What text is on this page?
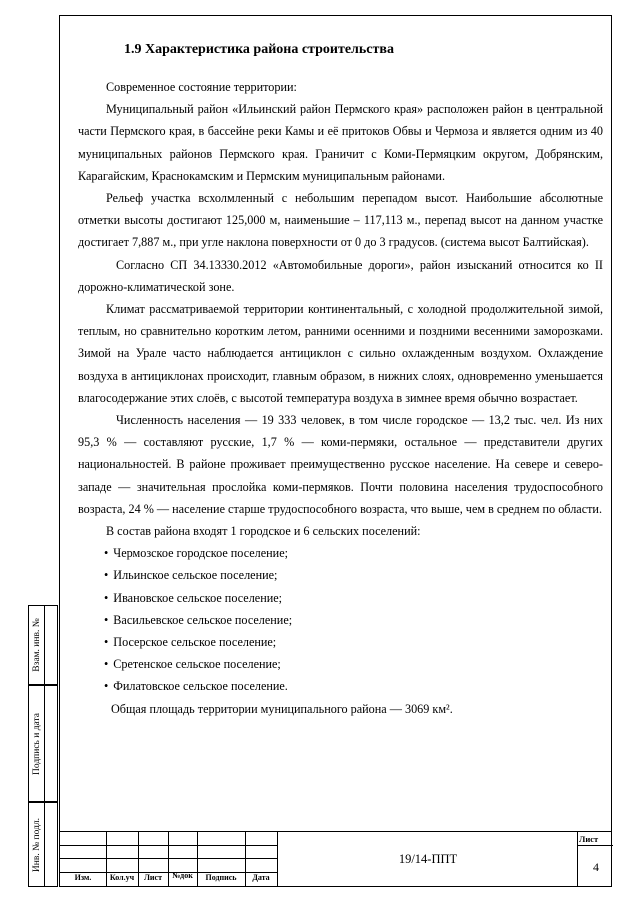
1.9 Характеристика района строительства

Современное состояние территории:

Муниципальный район «Ильинский район Пермского края» расположен район в центральной части Пермского края, в бассейне реки Камы и её притоков Обвы и Чермоза и является одним из 40 муниципальных районов Пермского края. Граничит с Коми-Пермяцким округом, Добрянским, Карагайским, Краснокамским и Пермским муниципальным районами.

Рельеф участка всхолмленный с небольшим перепадом высот. Наибольшие абсолютные отметки высоты достигают 125,000 м, наименьшие – 117,113 м., перепад высот на данном участке достигает 7,887 м., при угле наклона поверхности от 0 до 3 градусов. (система высот Балтийская).

Согласно СП 34.13330.2012 «Автомобильные дороги», район изысканий относится ко II дорожно-климатической зоне.

Климат рассматриваемой территории континентальный, с холодной продолжительной зимой, теплым, но сравнительно коротким летом, ранними осенними и поздними весенними заморозками. Зимой на Урале часто наблюдается антициклон с сильно охлажденным воздухом. Охлаждение воздуха в антициклонах происходит, главным образом, в нижних слоях, одновременно уменьшается влагосодержание этих слоёв, с высотой температура воздуха в зимнее время обычно возрастает.

Численность населения — 19 333 человек, в том числе городское — 13,2 тыс. чел. Из них 95,3 % — составляют русские, 1,7 % — коми-пермяки, остальное — представители других национальностей. В районе проживает преимущественно русское население. На севере и северо-западе — значительная прослойка коми-пермяков. Почти половина населения трудоспособного возраста, 24 % — население старше трудоспособного возраста, что выше, чем в среднем по области.

В состав района входят 1 городское и 6 сельских поселений:

• Чермозское городское поселение;
• Ильинское сельское поселение;
• Ивановское сельское поселение;
• Васильевское сельское поселение;
• Посерское сельское поселение;
• Сретенское сельское поселение;
• Филатовское сельское поселение.

Общая площадь территории муниципального района — 3069 км².

Взам. инв. №
Подпись и дата
Инв. № подл.
Изм.	Кол.уч	Лист	№док	Подпись	Дата
19/14-ППТ
Лист
4
